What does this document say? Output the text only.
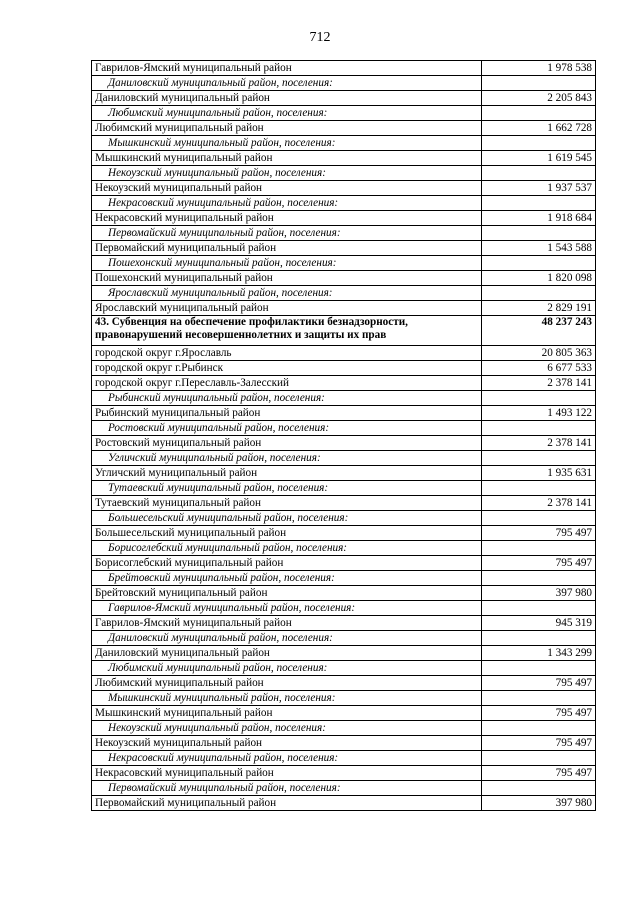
712
Гаврилов-Ямский муниципальный район	1 978 538
Даниловский муниципальный район, поселения:	
Даниловский муниципальный район	2 205 843
Любимский муниципальный район, поселения:	
Любимский муниципальный район	1 662 728
Мышкинский муниципальный район, поселения:	
Мышкинский муниципальный район	1 619 545
Некоузский муниципальный район, поселения:	
Некоузский муниципальный район	1 937 537
Некрасовский муниципальный район, поселения:	
Некрасовский муниципальный район	1 918 684
Первомайский муниципальный район, поселения:	
Первомайский муниципальный район	1 543 588
Пошехонский муниципальный район, поселения:	
Пошехонский муниципальный район	1 820 098
Ярославский муниципальный район, поселения:	
Ярославский муниципальный район	2 829 191
43. Субвенция на обеспечение профилактики безнадзорности, правонарушений несовершеннолетних и защиты их прав	48 237 243
городской округ г.Ярославль	20 805 363
городской округ г.Рыбинск	6 677 533
городской округ г.Переславль-Залесский	2 378 141
Рыбинский муниципальный район, поселения:	
Рыбинский муниципальный район	1 493 122
Ростовский муниципальный район, поселения:	
Ростовский муниципальный район	2 378 141
Угличский муниципальный район, поселения:	
Угличский муниципальный район	1 935 631
Тутаевский муниципальный район, поселения:	
Тутаевский муниципальный район	2 378 141
Большесельский муниципальный район, поселения:	
Большесельский муниципальный район	795 497
Борисоглебский муниципальный район, поселения:	
Борисоглебский муниципальный район	795 497
Брейтовский муниципальный район, поселения:	
Брейтовский муниципальный район	397 980
Гаврилов-Ямский муниципальный район, поселения:	
Гаврилов-Ямский муниципальный район	945 319
Даниловский муниципальный район, поселения:	
Даниловский муниципальный район	1 343 299
Любимский муниципальный район, поселения:	
Любимский муниципальный район	795 497
Мышкинский муниципальный район, поселения:	
Мышкинский муниципальный район	795 497
Некоузский муниципальный район, поселения:	
Некоузский муниципальный район	795 497
Некрасовский муниципальный район, поселения:	
Некрасовский муниципальный район	795 497
Первомайский муниципальный район, поселения:	
Первомайский муниципальный район	397 980
